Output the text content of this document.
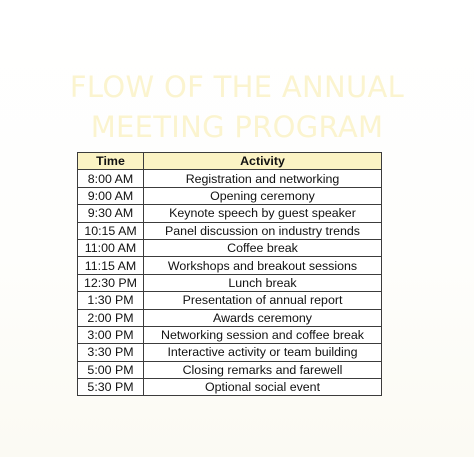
FLOW OF THE ANNUAL
MEETING PROGRAM
Time	Activity
8:00 AM	Registration and networking
9:00 AM	Opening ceremony
9:30 AM	Keynote speech by guest speaker
10:15 AM	Panel discussion on industry trends
11:00 AM	Coffee break
11:15 AM	Workshops and breakout sessions
12:30 PM	Lunch break
1:30 PM	Presentation of annual report
2:00 PM	Awards ceremony
3:00 PM	Networking session and coffee break
3:30 PM	Interactive activity or team building
5:00 PM	Closing remarks and farewell
5:30 PM	Optional social event
